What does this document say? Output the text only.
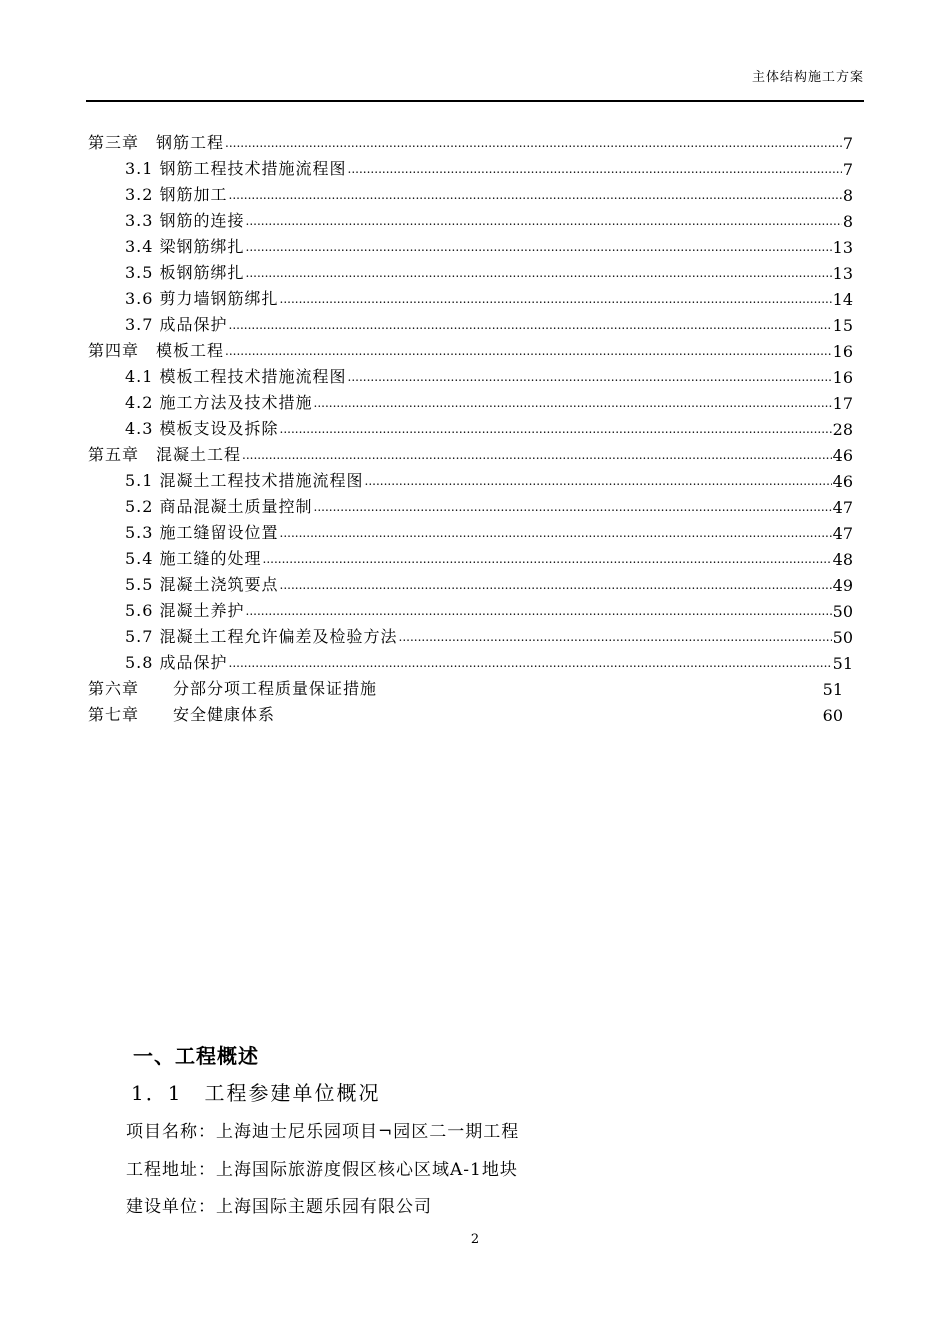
主体结构施工方案
第三章　钢筋工程 .....	7
3.1 钢筋工程技术措施流程图 .....	7
3.2 钢筋加工 .....	8
3.3 钢筋的连接 .....	8
3.4 梁钢筋绑扎 .....	13
3.5 板钢筋绑扎 .....	13
3.6 剪力墙钢筋绑扎 .....	14
3.7 成品保护 .....	15
第四章　模板工程 .....	16
4.1 模板工程技术措施流程图 .....	16
4.2 施工方法及技术措施 .....	17
4.3 模板支设及拆除 .....	28
第五章　混凝土工程 .....	46
5.1 混凝土工程技术措施流程图 .....	46
5.2 商品混凝土质量控制 .....	47
5.3 施工缝留设位置 .....	47
5.4 施工缝的处理 .....	48
5.5 混凝土浇筑要点 .....	49
5.6 混凝土养护 .....	50
5.7 混凝土工程允许偏差及检验方法 .....	50
5.8 成品保护 .....	51
第六章　　分部分项工程质量保证措施	51
第七章　　安全健康体系	60
一、工程概述
1．1　工程参建单位概况
项目名称：上海迪士尼乐园项目¬园区二一期工程
工程地址：上海国际旅游度假区核心区域A-1地块
建设单位：上海国际主题乐园有限公司
2
